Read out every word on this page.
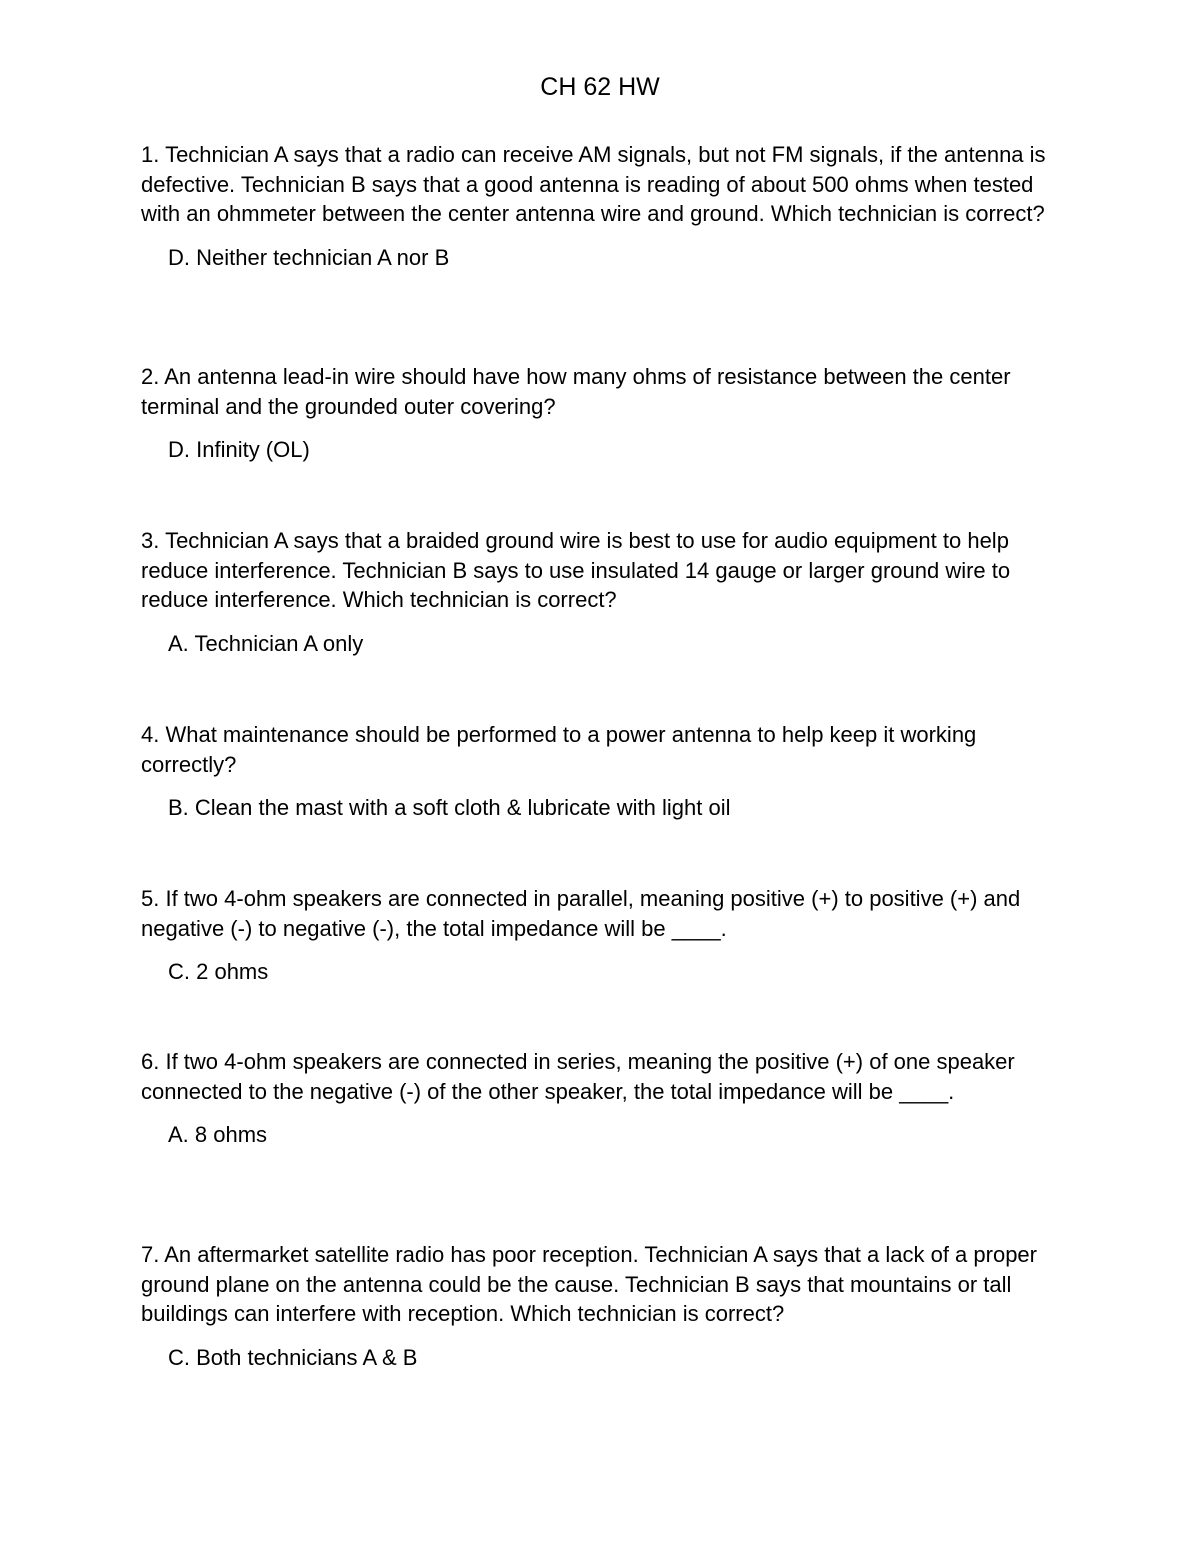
CH 62 HW

1. Technician A says that a radio can receive AM signals, but not FM signals, if the antenna is defective. Technician B says that a good antenna is reading of about 500 ohms when tested with an ohmmeter between the center antenna wire and ground. Which technician is correct?

D. Neither technician A nor B

2. An antenna lead-in wire should have how many ohms of resistance between the center terminal and the grounded outer covering?

D. Infinity (OL)

3. Technician A says that a braided ground wire is best to use for audio equipment to help reduce interference. Technician B says to use insulated 14 gauge or larger ground wire to reduce interference. Which technician is correct?

A. Technician A only

4. What maintenance should be performed to a power antenna to help keep it working correctly?

B. Clean the mast with a soft cloth & lubricate with light oil

5. If two 4-ohm speakers are connected in parallel, meaning positive (+) to positive (+) and negative (-) to negative (-), the total impedance will be ____.

C. 2 ohms

6. If two 4-ohm speakers are connected in series, meaning the positive (+) of one speaker connected to the negative (-) of the other speaker, the total impedance will be ____.

A. 8 ohms

7. An aftermarket satellite radio has poor reception. Technician A says that a lack of a proper ground plane on the antenna could be the cause. Technician B says that mountains or tall buildings can interfere with reception. Which technician is correct?

C. Both technicians A & B
